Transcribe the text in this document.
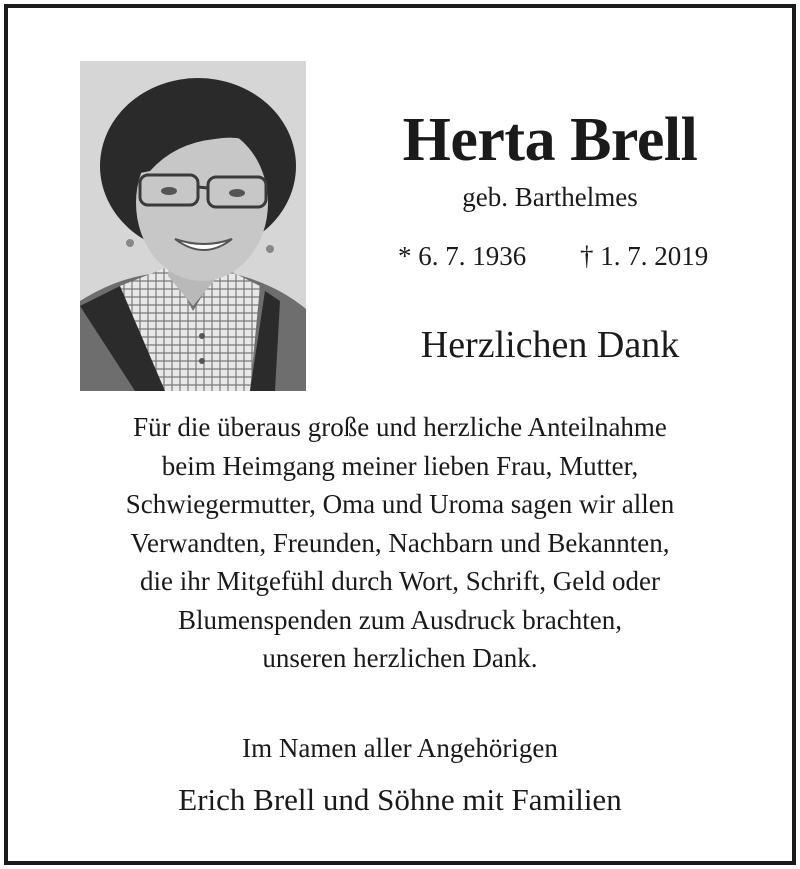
Herta Brell
geb. Barthelmes
* 6. 7. 1936 † 1. 7. 2019
Herzlichen Dank
Für die überaus große und herzliche Anteilnahme
beim Heimgang meiner lieben Frau, Mutter,
Schwiegermutter, Oma und Uroma sagen wir allen
Verwandten, Freunden, Nachbarn und Bekannten,
die ihr Mitgefühl durch Wort, Schrift, Geld oder
Blumenspenden zum Ausdruck brachten,
unseren herzlichen Dank.
Im Namen aller Angehörigen
Erich Brell und Söhne mit Familien
